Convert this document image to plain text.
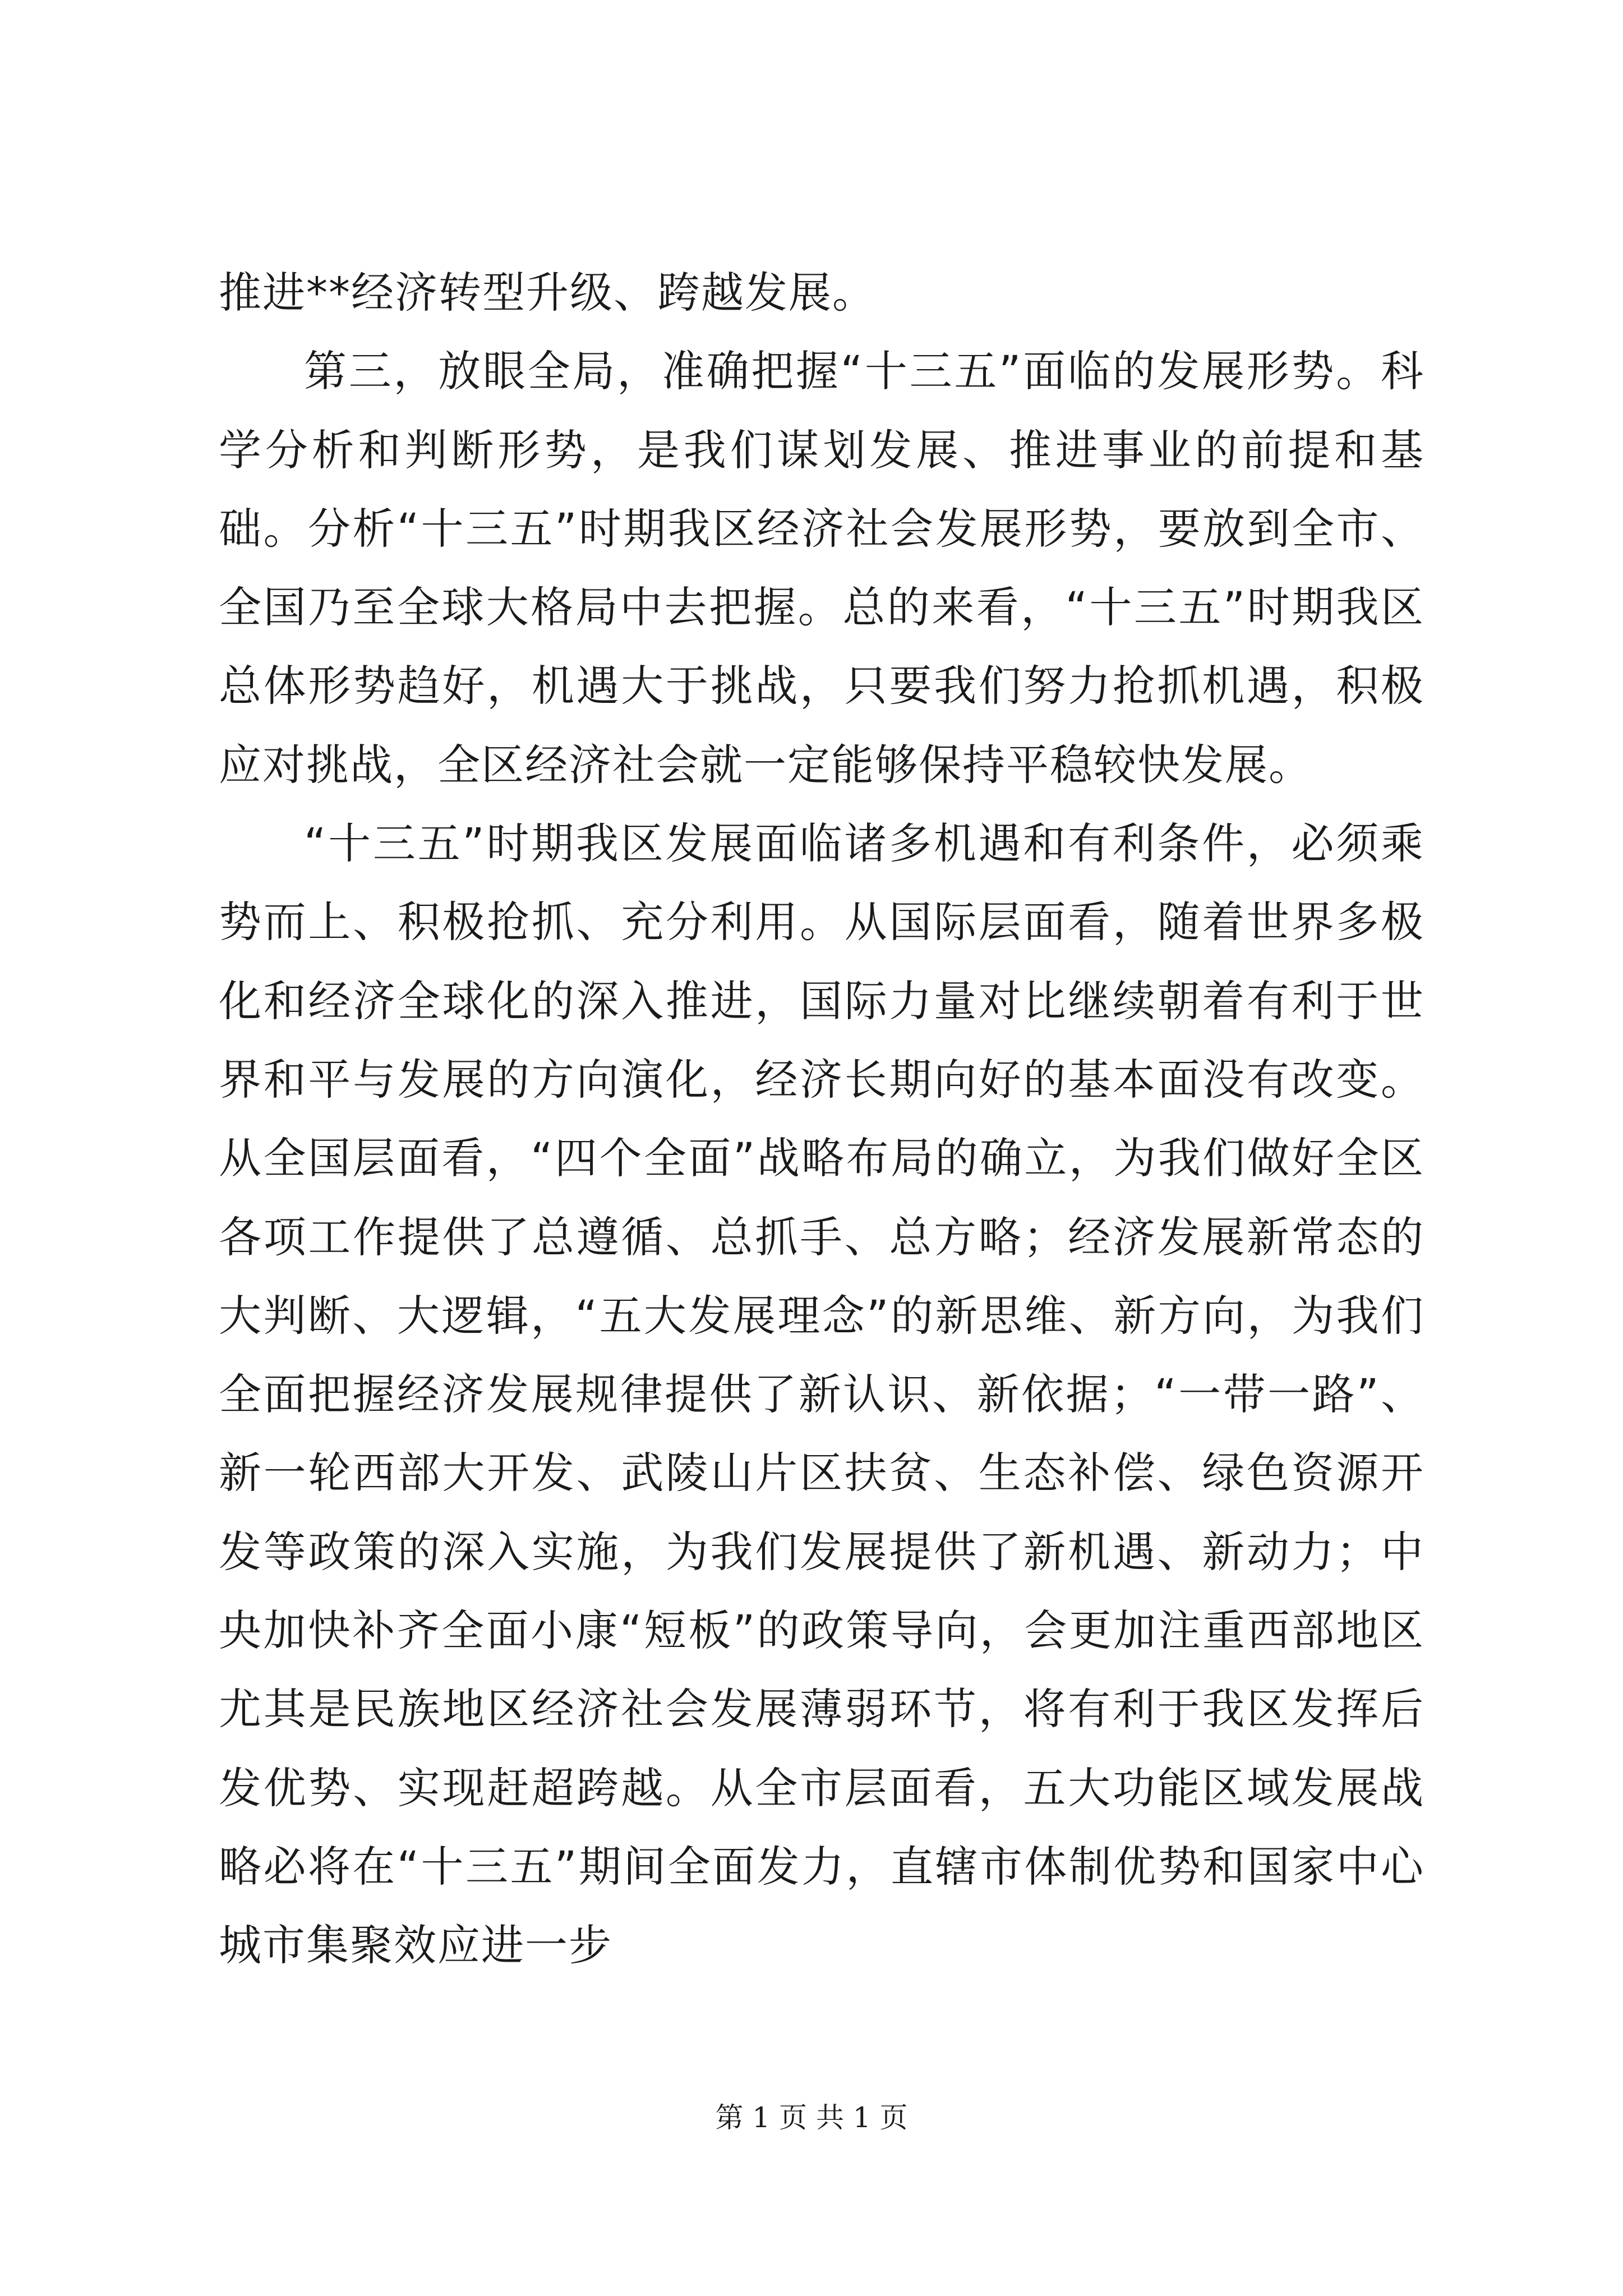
推进**经济转型升级、跨越发展。

第三，放眼全局，准确把握“十三五”面临的发展形势。科学分析和判断形势，是我们谋划发展、推进事业的前提和基础。分析“十三五”时期我区经济社会发展形势，要放到全市、全国乃至全球大格局中去把握。总的来看，“十三五”时期我区总体形势趋好，机遇大于挑战，只要我们努力抢抓机遇，积极应对挑战，全区经济社会就一定能够保持平稳较快发展。

“十三五”时期我区发展面临诸多机遇和有利条件，必须乘势而上、积极抢抓、充分利用。从国际层面看，随着世界多极化和经济全球化的深入推进，国际力量对比继续朝着有利于世界和平与发展的方向演化，经济长期向好的基本面没有改变。从全国层面看，“四个全面”战略布局的确立，为我们做好全区各项工作提供了总遵循、总抓手、总方略；经济发展新常态的大判断、大逻辑，“五大发展理念”的新思维、新方向，为我们全面把握经济发展规律提供了新认识、新依据；“一带一路”、新一轮西部大开发、武陵山片区扶贫、生态补偿、绿色资源开发等政策的深入实施，为我们发展提供了新机遇、新动力；中央加快补齐全面小康“短板”的政策导向，会更加注重西部地区尤其是民族地区经济社会发展薄弱环节，将有利于我区发挥后发优势、实现赶超跨越。从全市层面看，五大功能区域发展战略必将在“十三五”期间全面发力，直辖市体制优势和国家中心城市集聚效应进一步

第 1 页 共 1 页
